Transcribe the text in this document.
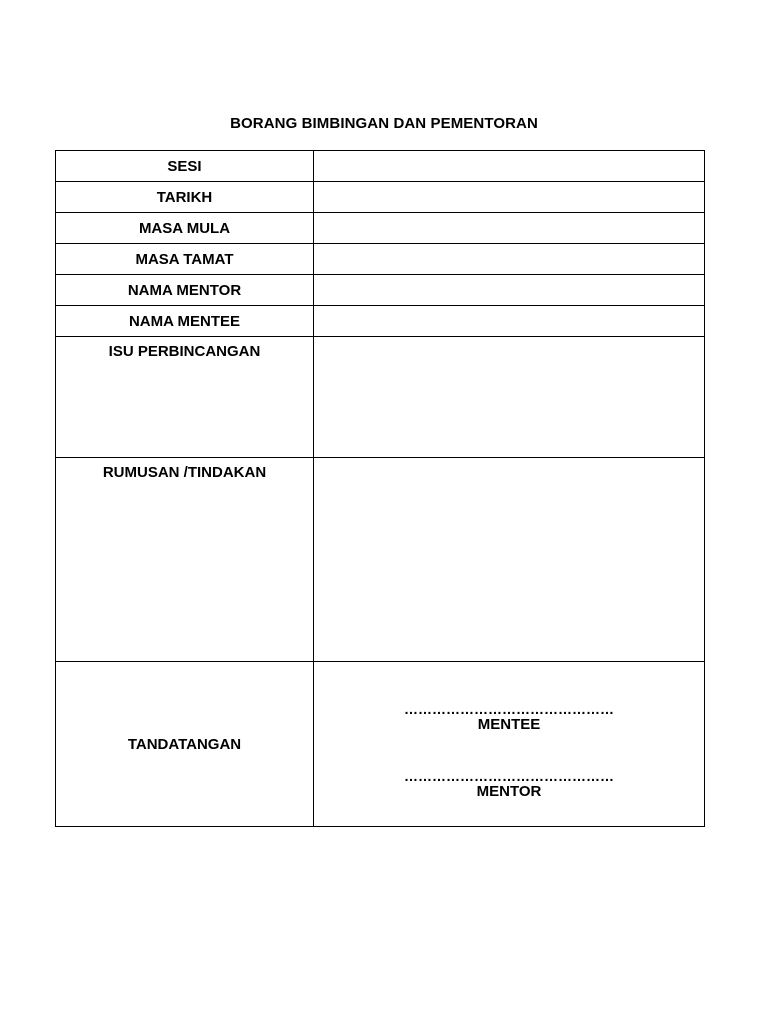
BORANG BIMBINGAN DAN PEMENTORAN
SESI	
TARIKH	
MASA MULA	
MASA TAMAT	
NAMA MENTOR	
NAMA MENTEE	
ISU PERBINCANGAN	
RUMUSAN /TINDAKAN	
TANDATANGAN	………………………………………
MENTEE
………………………………………
MENTOR
